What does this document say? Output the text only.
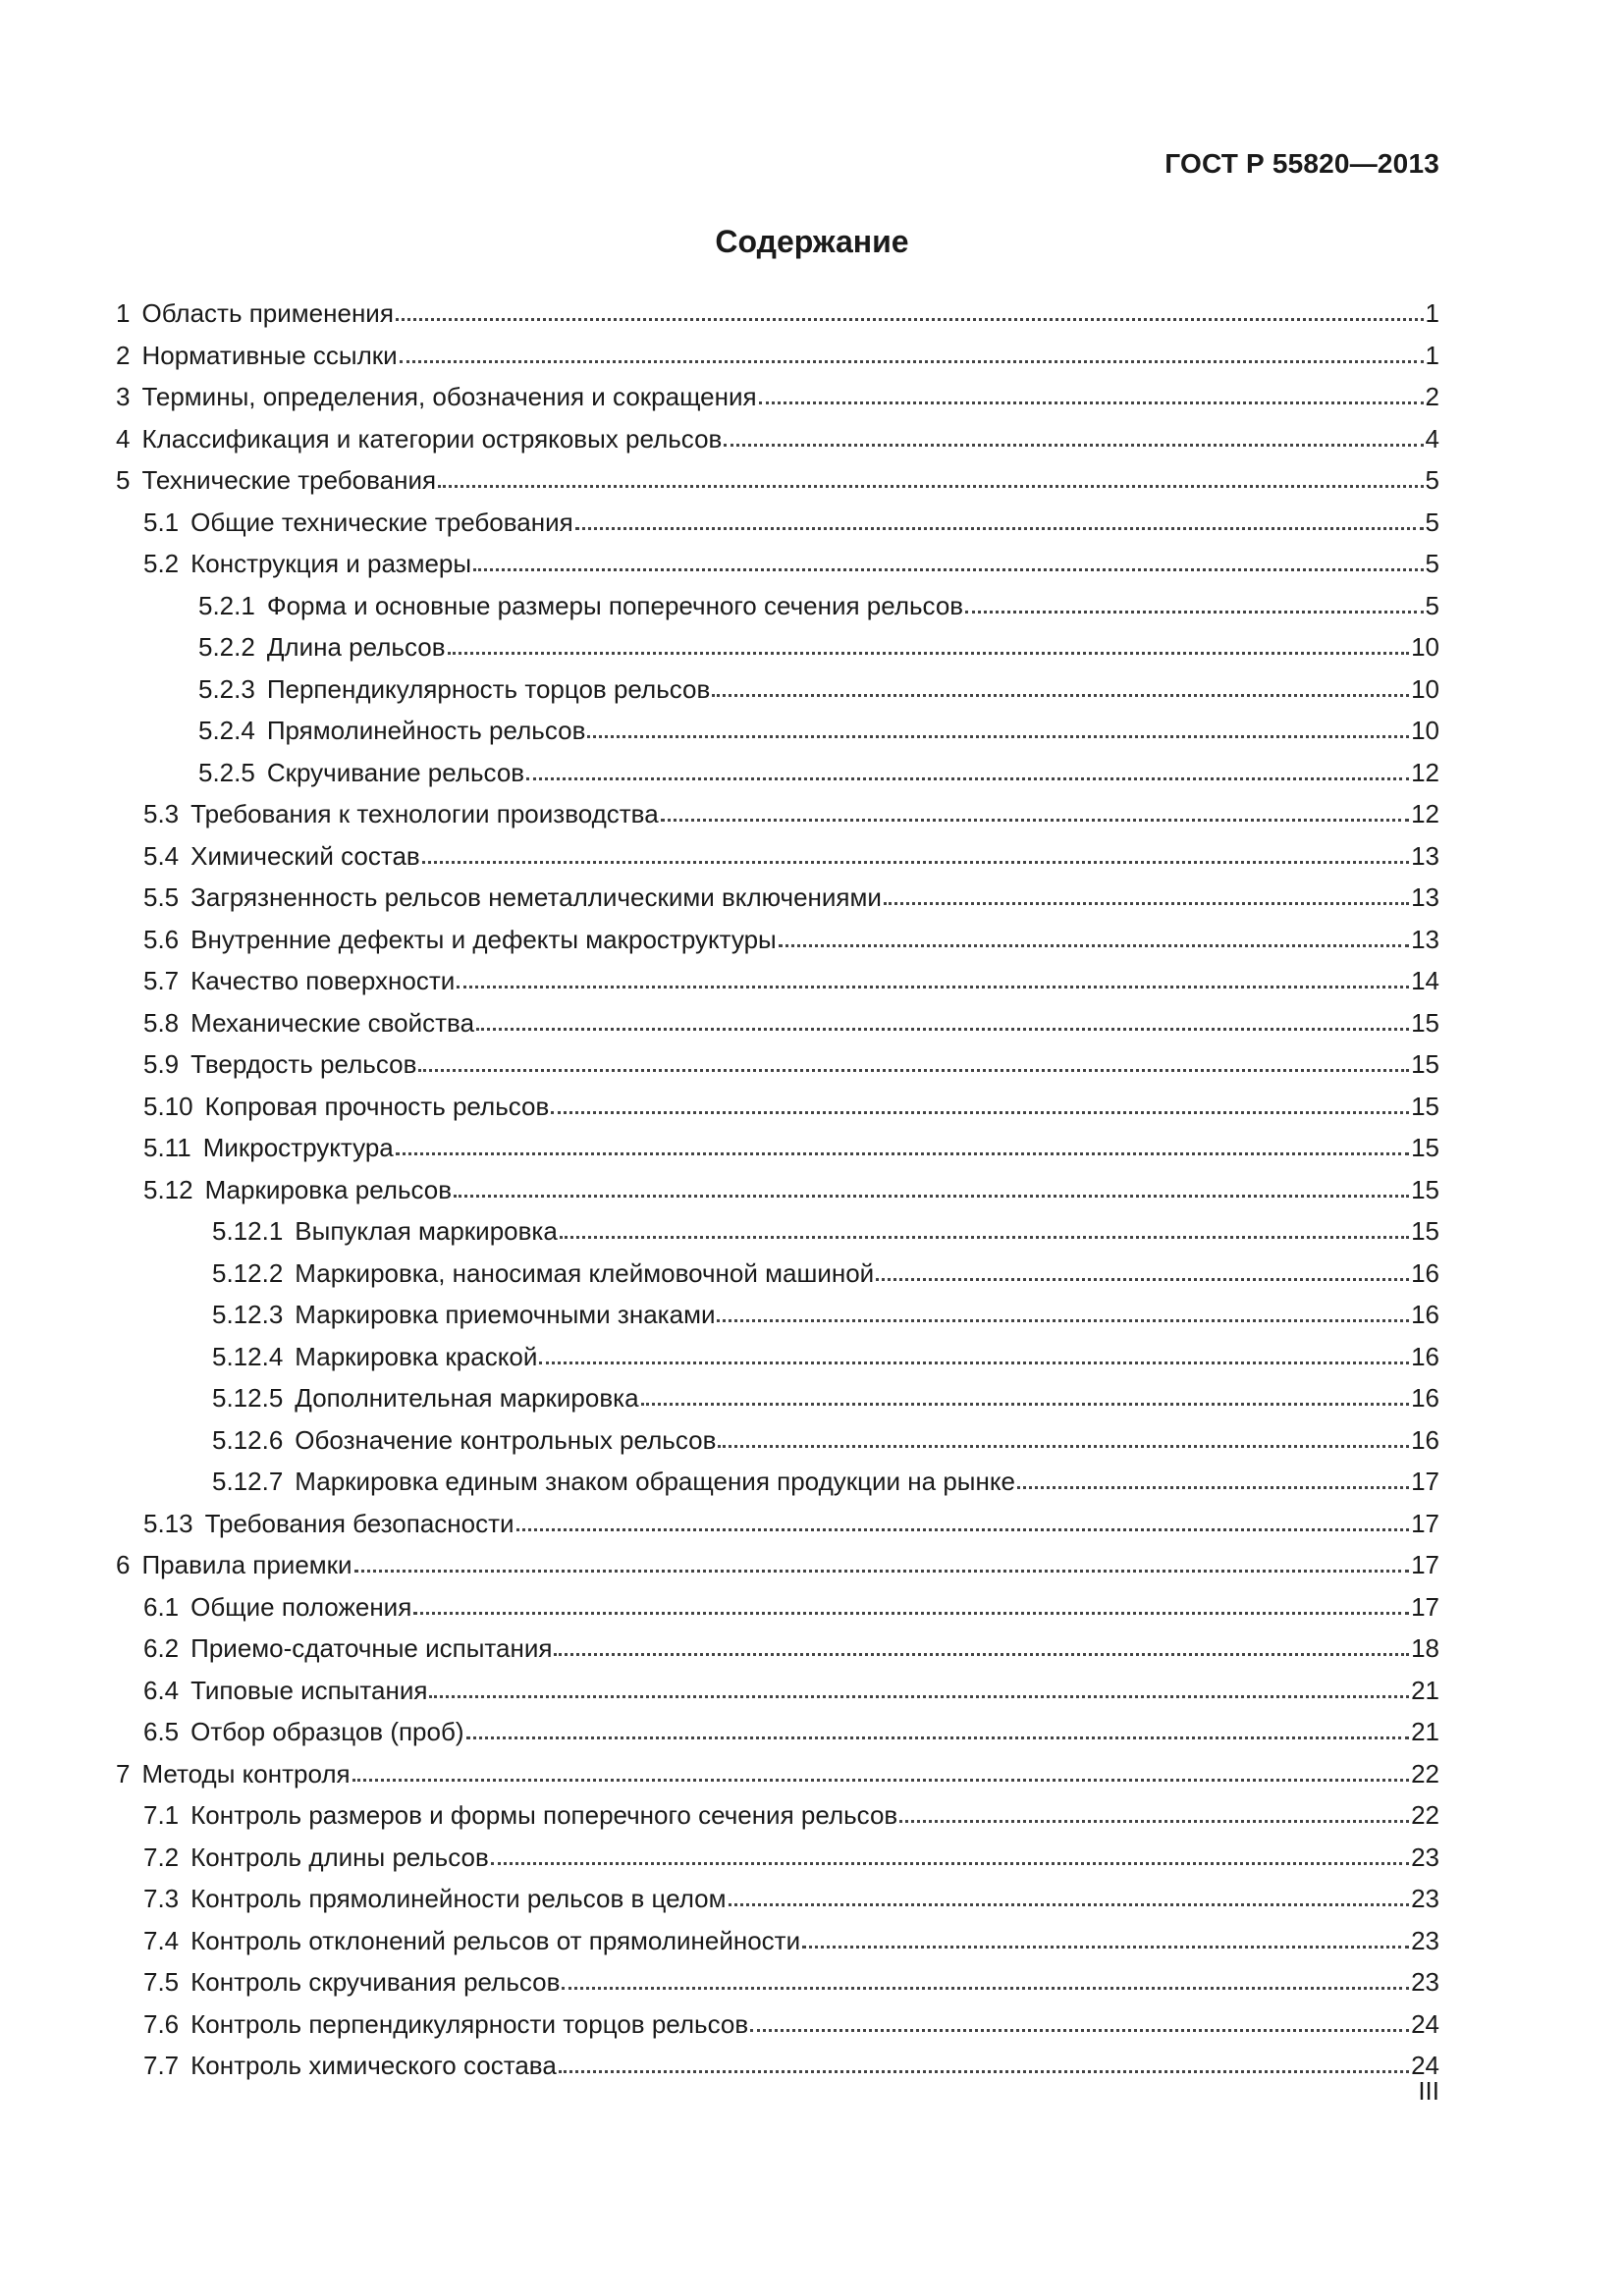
ГОСТ Р 55820—2013
Содержание
1 Область применения	1
2 Нормативные ссылки	1
3 Термины, определения, обозначения и сокращения	2
4 Классификация и категории остряковых рельсов	4
5 Технические требования	5
5.1 Общие технические требования	5
5.2 Конструкция и размеры	5
5.2.1 Форма и основные размеры поперечного сечения рельсов	5
5.2.2 Длина рельсов	10
5.2.3 Перпендикулярность торцов рельсов	10
5.2.4 Прямолинейность рельсов	10
5.2.5 Скручивание рельсов	12
5.3 Требования к технологии производства	12
5.4 Химический состав	13
5.5 Загрязненность рельсов неметаллическими включениями	13
5.6 Внутренние дефекты и дефекты макроструктуры	13
5.7 Качество поверхности	14
5.8 Механические свойства	15
5.9 Твердость рельсов	15
5.10 Копровая прочность рельсов	15
5.11 Микроструктура	15
5.12 Маркировка рельсов	15
5.12.1 Выпуклая маркировка	15
5.12.2 Маркировка, наносимая клеймовочной машиной	16
5.12.3 Маркировка приемочными знаками	16
5.12.4 Маркировка краской	16
5.12.5 Дополнительная маркировка	16
5.12.6 Обозначение контрольных рельсов	16
5.12.7 Маркировка единым знаком обращения продукции на рынке	17
5.13 Требования безопасности	17
6 Правила приемки	17
6.1 Общие положения	17
6.2 Приемо-сдаточные испытания	18
6.4 Типовые испытания	21
6.5 Отбор образцов (проб)	21
7 Методы контроля	22
7.1 Контроль размеров и формы поперечного сечения рельсов	22
7.2 Контроль длины рельсов	23
7.3 Контроль прямолинейности рельсов в целом	23
7.4 Контроль отклонений рельсов от прямолинейности	23
7.5 Контроль скручивания рельсов	23
7.6 Контроль перпендикулярности торцов рельсов	24
7.7 Контроль химического состава	24
III
